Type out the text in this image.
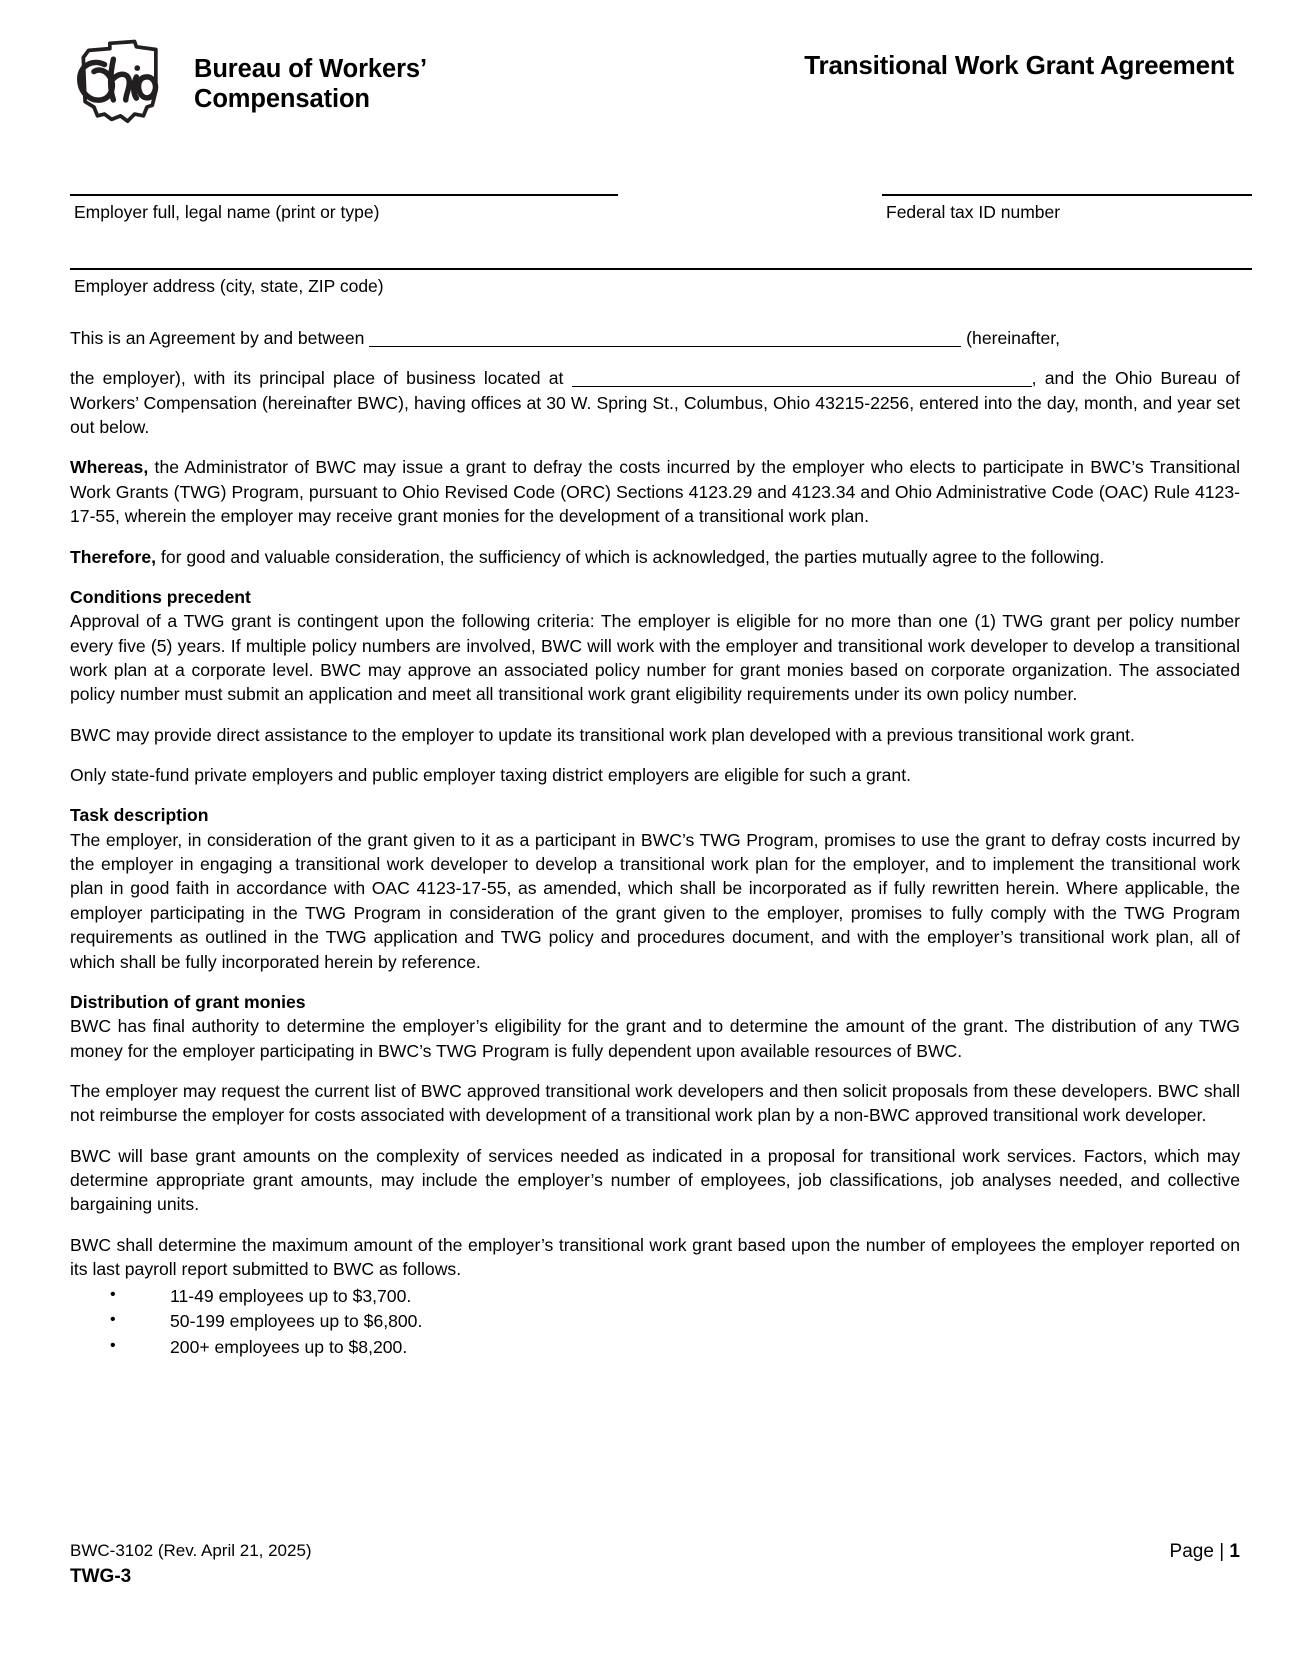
Bureau of Workers’
Compensation
Transitional Work Grant Agreement
Employer full, legal name (print or type)	Federal tax ID number
Employer address (city, state, ZIP code)

This is an Agreement by and between	(hereinafter,

the employer), with its principal place of business located at	, and the Ohio Bureau of Workers’ Compensation (hereinafter BWC), having offices at 30 W. Spring St., Columbus, Ohio 43215-2256, entered into the day, month, and year set out below.

Whereas, the Administrator of BWC may issue a grant to defray the costs incurred by the employer who elects to participate in BWC’s Transitional Work Grants (TWG) Program, pursuant to Ohio Revised Code (ORC) Sections 4123.29 and 4123.34 and Ohio Administrative Code (OAC) Rule 4123-17-55, wherein the employer may receive grant monies for the development of a transitional work plan.

Therefore, for good and valuable consideration, the sufficiency of which is acknowledged, the parties mutually agree to the following.

Conditions precedent

Approval of a TWG grant is contingent upon the following criteria: The employer is eligible for no more than one (1) TWG grant per policy number every five (5) years. If multiple policy numbers are involved, BWC will work with the employer and transitional work developer to develop a transitional work plan at a corporate level. BWC may approve an associated policy number for grant monies based on corporate organization. The associated policy number must submit an application and meet all transitional work grant eligibility requirements under its own policy number.

BWC may provide direct assistance to the employer to update its transitional work plan developed with a previous transitional work grant.

Only state-fund private employers and public employer taxing district employers are eligible for such a grant.

Task description

The employer, in consideration of the grant given to it as a participant in BWC’s TWG Program, promises to use the grant to defray costs incurred by the employer in engaging a transitional work developer to develop a transitional work plan for the employer, and to implement the transitional work plan in good faith in accordance with OAC 4123-17-55, as amended, which shall be incorporated as if fully rewritten herein. Where applicable, the employer participating in the TWG Program in consideration of the grant given to the employer, promises to fully comply with the TWG Program requirements as outlined in the TWG application and TWG policy and procedures document, and with the employer’s transitional work plan, all of which shall be fully incorporated herein by reference.

Distribution of grant monies

BWC has final authority to determine the employer’s eligibility for the grant and to determine the amount of the grant. The distribution of any TWG money for the employer participating in BWC’s TWG Program is fully dependent upon available resources of BWC.

The employer may request the current list of BWC approved transitional work developers and then solicit proposals from these developers. BWC shall not reimburse the employer for costs associated with development of a transitional work plan by a non-BWC approved transitional work developer.

BWC will base grant amounts on the complexity of services needed as indicated in a proposal for transitional work services. Factors, which may determine appropriate grant amounts, may include the employer’s number of employees, job classifications, job analyses needed, and collective bargaining units.

BWC shall determine the maximum amount of the employer’s transitional work grant based upon the number of employees the employer reported on its last payroll report submitted to BWC as follows.

• 11-49 employees up to $3,700.
• 50-199 employees up to $6,800.
• 200+ employees up to $8,200.
BWC-3102 (Rev. April 21, 2025)
TWG-3
Page | 1
